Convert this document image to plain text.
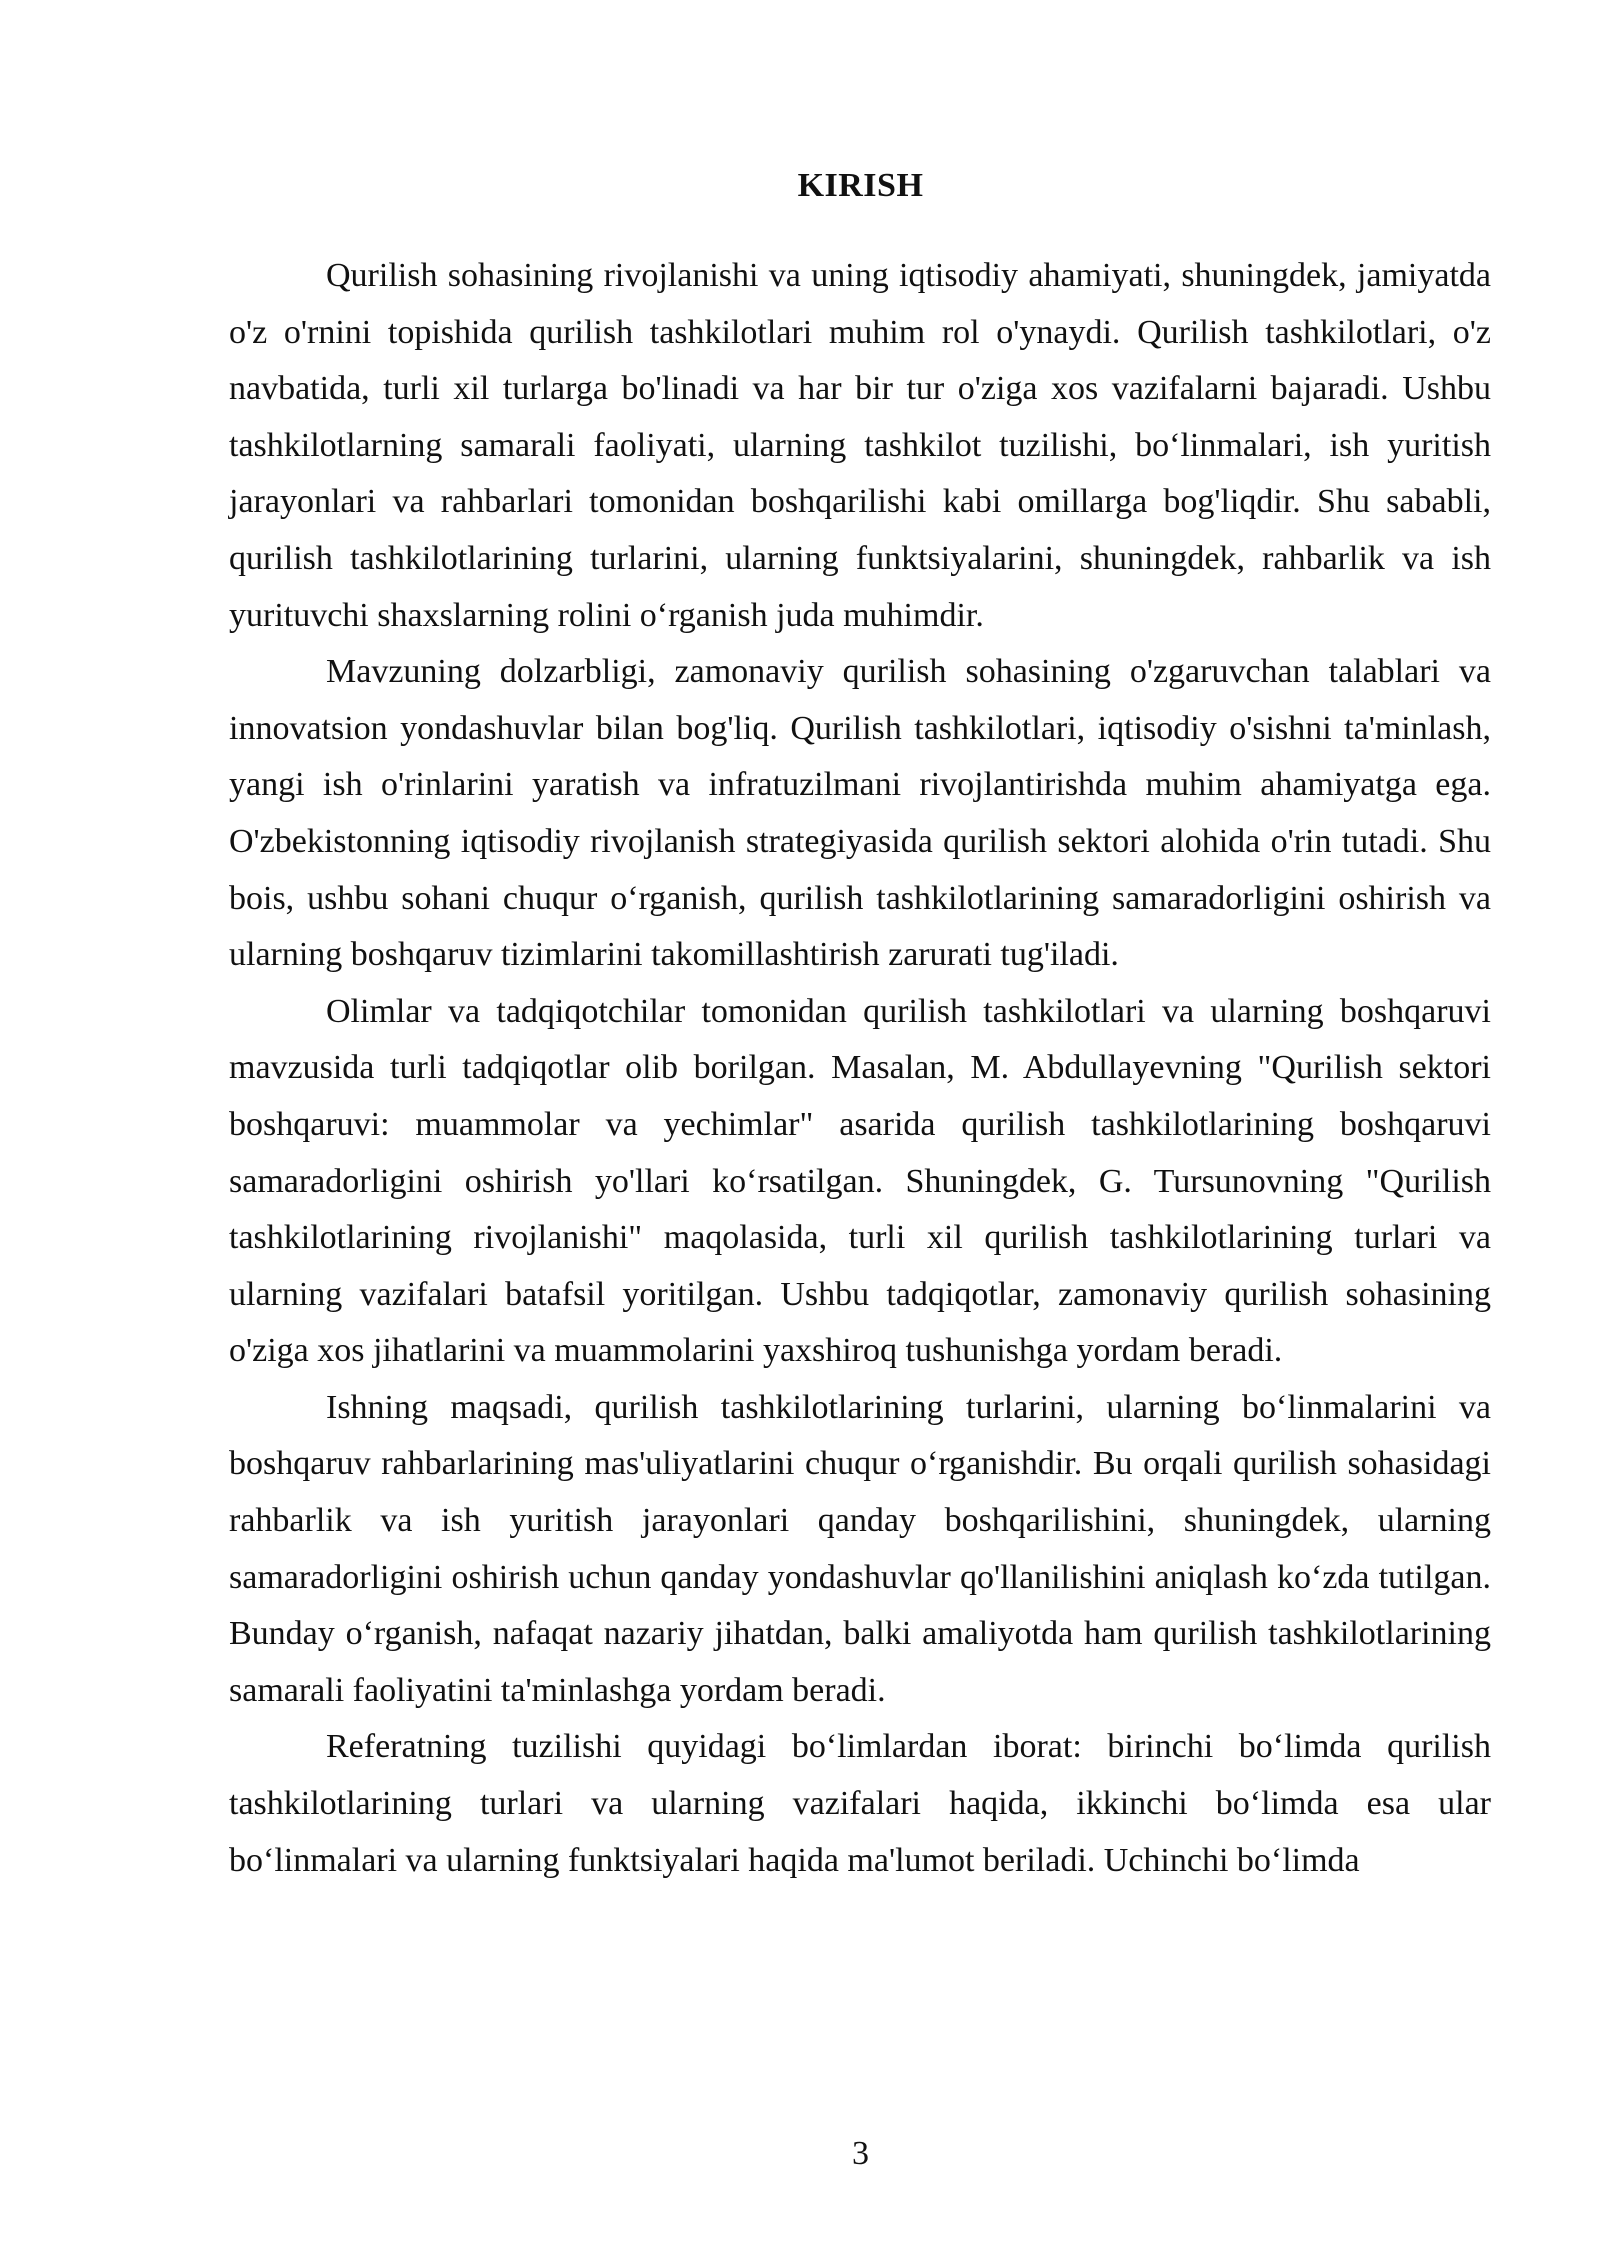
KIRISH

Qurilish sohasining rivojlanishi va uning iqtisodiy ahamiyati, shuningdek, jamiyatda o'z o'rnini topishida qurilish tashkilotlari muhim rol o'ynaydi. Qurilish tashkilotlari, o'z navbatida, turli xil turlarga bo'linadi va har bir tur o'ziga xos vazifalarni bajaradi. Ushbu tashkilotlarning samarali faoliyati, ularning tashkilot tuzilishi, bo‘linmalari, ish yuritish jarayonlari va rahbarlari tomonidan boshqarilishi kabi omillarga bog'liqdir. Shu sababli, qurilish tashkilotlarining turlarini, ularning funktsiyalarini, shuningdek, rahbarlik va ish yurituvchi shaxslarning rolini o‘rganish juda muhimdir.

Mavzuning dolzarbligi, zamonaviy qurilish sohasining o'zgaruvchan talablari va innovatsion yondashuvlar bilan bog'liq. Qurilish tashkilotlari, iqtisodiy o'sishni ta'minlash, yangi ish o'rinlarini yaratish va infratuzilmani rivojlantirishda muhim ahamiyatga ega. O'zbekistonning iqtisodiy rivojlanish strategiyasida qurilish sektori alohida o'rin tutadi. Shu bois, ushbu sohani chuqur o‘rganish, qurilish tashkilotlarining samaradorligini oshirish va ularning boshqaruv tizimlarini takomillashtirish zarurati tug'iladi.

Olimlar va tadqiqotchilar tomonidan qurilish tashkilotlari va ularning boshqaruvi mavzusida turli tadqiqotlar olib borilgan. Masalan, M. Abdullayevning "Qurilish sektori boshqaruvi: muammolar va yechimlar" asarida qurilish tashkilotlarining boshqaruvi samaradorligini oshirish yo'llari ko‘rsatilgan. Shuningdek, G. Tursunovning "Qurilish tashkilotlarining rivojlanishi" maqolasida, turli xil qurilish tashkilotlarining turlari va ularning vazifalari batafsil yoritilgan. Ushbu tadqiqotlar, zamonaviy qurilish sohasining o'ziga xos jihatlarini va muammolarini yaxshiroq tushunishga yordam beradi.

Ishning maqsadi, qurilish tashkilotlarining turlarini, ularning bo‘linmalarini va boshqaruv rahbarlarining mas'uliyatlarini chuqur o‘rganishdir. Bu orqali qurilish sohasidagi rahbarlik va ish yuritish jarayonlari qanday boshqarilishini, shuningdek, ularning samaradorligini oshirish uchun qanday yondashuvlar qo'llanilishini aniqlash ko‘zda tutilgan. Bunday o‘rganish, nafaqat nazariy jihatdan, balki amaliyotda ham qurilish tashkilotlarining samarali faoliyatini ta'minlashga yordam beradi.

Referatning tuzilishi quyidagi bo‘limlardan iborat: birinchi bo‘limda qurilish tashkilotlarining turlari va ularning vazifalari haqida, ikkinchi bo‘limda esa ular bo‘linmalari va ularning funktsiyalari haqida ma'lumot beriladi. Uchinchi bo‘limda

3
